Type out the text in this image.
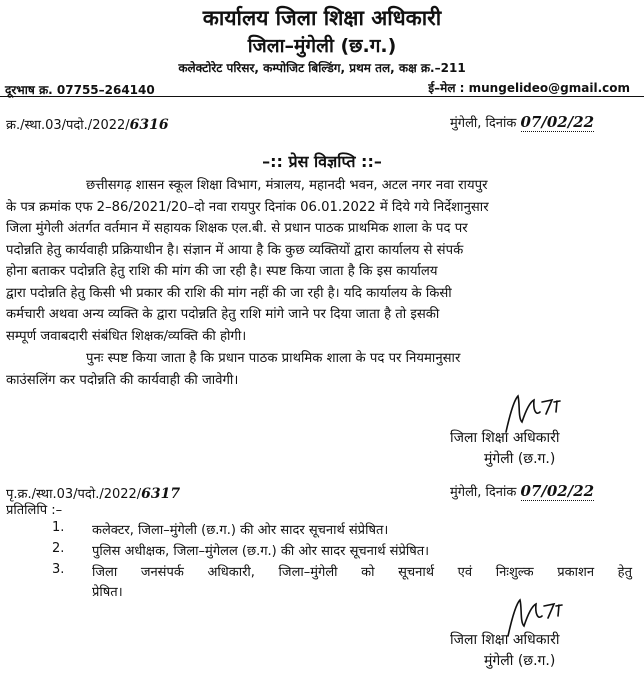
कार्यालय जिला शिक्षा अधिकारी
जिला–मुंगेली (छ.ग.)
कलेक्टोरेट परिसर, कम्पोजिट बिल्डिंग, प्रथम तल, कक्ष क्र.–211
दूरभाष क्र. 07755–264140	ई–मेल : mungelideo@gmail.com
क्र./स्था.03/पदो./2022/6316	मुंगेली, दिनांक 07/02/22
–:: प्रेस विज्ञप्ति ::–
छत्तीसगढ़ शासन स्कूल शिक्षा विभाग, मंत्रालय, महानदी भवन, अटल नगर नवा रायपुर
के पत्र क्रमांक एफ 2–86/2021/20–दो नवा रायपुर दिनांक 06.01.2022 में दिये गये निर्देशानुसार
जिला मुंगेली अंतर्गत वर्तमान में सहायक शिक्षक एल.बी. से प्रधान पाठक प्राथमिक शाला के पद पर
पदोन्नति हेतु कार्यवाही प्रक्रियाधीन है। संज्ञान में आया है कि कुछ व्यक्तियों द्वारा कार्यालय से संपर्क
होना बताकर पदोन्नति हेतु राशि की मांग की जा रही है। स्पष्ट किया जाता है कि इस कार्यालय
द्वारा पदोन्नति हेतु किसी भी प्रकार की राशि की मांग नहीं की जा रही है। यदि कार्यालय के किसी
कर्मचारी अथवा अन्य व्यक्ति के द्वारा पदोन्नति हेतु राशि मांगे जाने पर दिया जाता है तो इसकी
सम्पूर्ण जवाबदारी संबंधित शिक्षक/व्यक्ति की होगी।
पुनः स्पष्ट किया जाता है कि प्रधान पाठक प्राथमिक शाला के पद पर नियमानुसार
काउंसलिंग कर पदोन्नति की कार्यवाही की जावेगी।
जिला शिक्षा अधिकारी
मुंगेली (छ.ग.)
पृ.क्र./स्था.03/पदो./2022/6317	मुंगेली, दिनांक 07/02/22
प्रतिलिपि :–
1. कलेक्टर, जिला–मुंगेली (छ.ग.) की ओर सादर सूचनार्थ संप्रेषित।
2. पुलिस अधीक्षक, जिला–मुंगेलल (छ.ग.) की ओर सादर सूचनार्थ संप्रेषित।
3. जिला जनसंपर्क अधिकारी, जिला–मुंगेली को सूचनार्थ एवं निःशुल्क प्रकाशन हेतु
प्रेषित।
जिला शिक्षा अधिकारी
मुंगेली (छ.ग.)
